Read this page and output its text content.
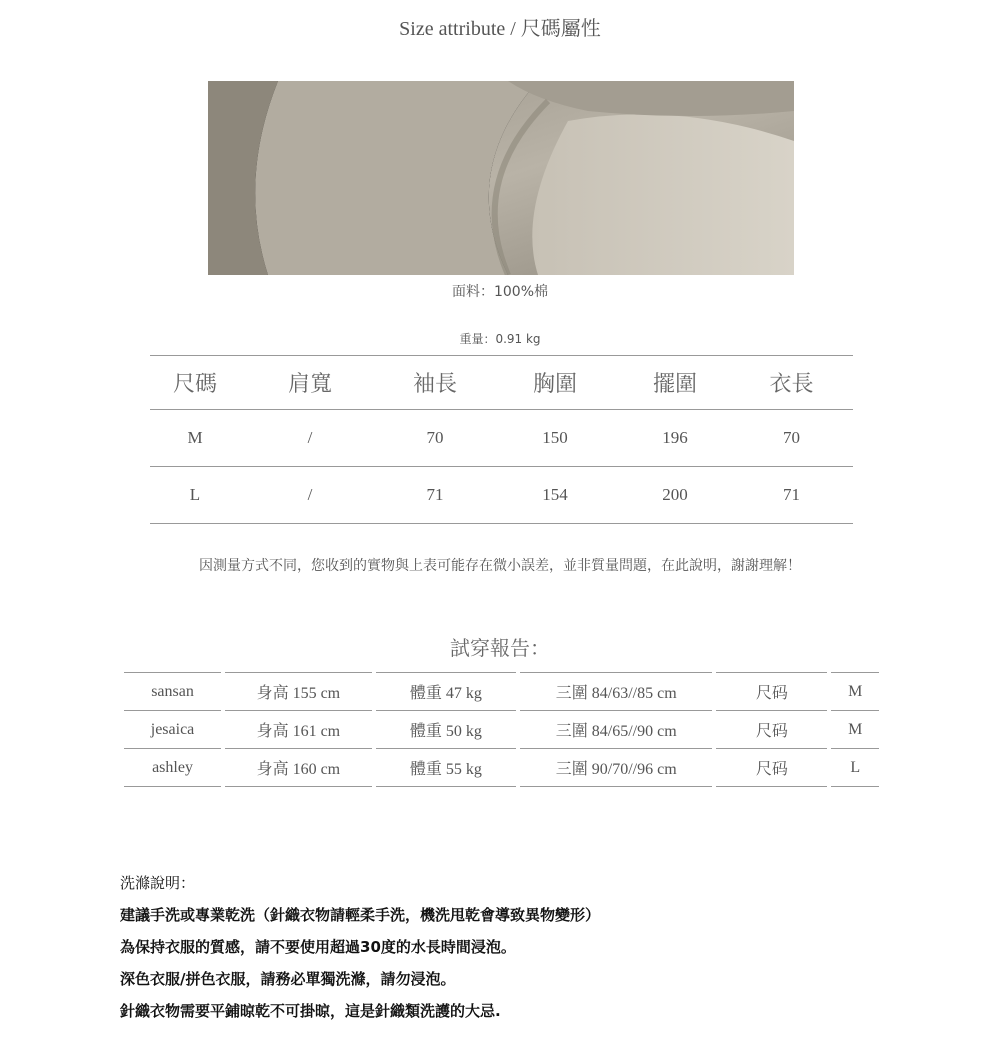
Size attribute / 尺碼屬性
面料：100%棉
重量：0.91 kg
尺碼	肩寬	袖長	胸圍	擺圍	衣長
M	/	70	150	196	70
L	/	71	154	200	71
因測量方式不同，您收到的實物與上表可能存在微小誤差，並非質量問題，在此說明，謝謝理解！
試穿報告：
sansan	身高 155 cm	體重 47 kg	三圍 84/63//85 cm	尺码	M
jesaica	身高 161 cm	體重 50 kg	三圍 84/65//90 cm	尺码	M
ashley	身高 160 cm	體重 55 kg	三圍 90/70//96 cm	尺码	L
洗滌說明：
建議手洗或專業乾洗（針織衣物請輕柔手洗，機洗甩乾會導致異物變形）
為保持衣服的質感，請不要使用超過30度的水長時間浸泡。
深色衣服/拼色衣服，請務必單獨洗滌，請勿浸泡。
針織衣物需要平鋪晾乾不可掛晾，這是針織類洗護的大忌.
